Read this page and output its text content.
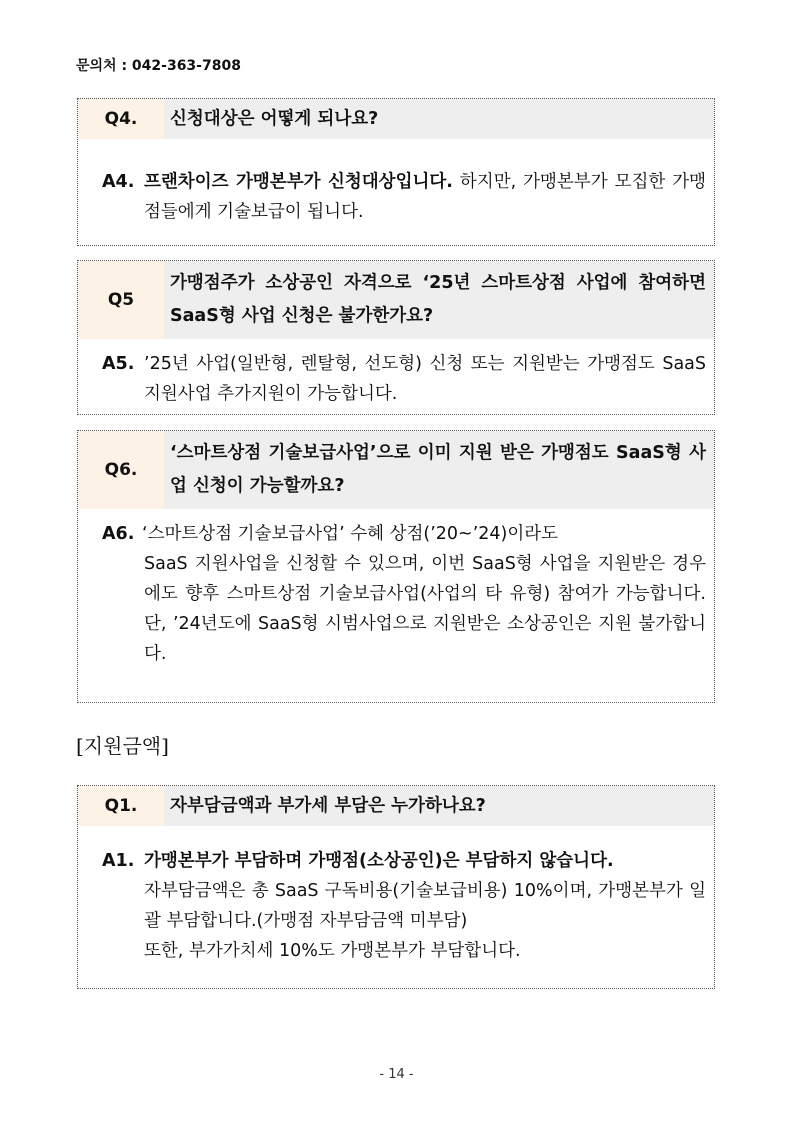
문의처 : 042-363-7808
Q4.	신청대상은 어떻게 되나요?
A4. 프랜차이즈 가맹본부가 신청대상입니다. 하지만, 가맹본부가 모집한 가맹점들에게 기술보급이 됩니다.
Q5
가맹점주가 소상공인 자격으로 ‘25년 스마트상점 사업에 참여하면 SaaS형 사업 신청은 불가한가요?
A5. ’25년 사업(일반형, 렌탈형, 선도형) 신청 또는 지원받는 가맹점도 SaaS 지원사업 추가지원이 가능합니다.
Q6.
‘스마트상점 기술보급사업’으로 이미 지원 받은 가맹점도 SaaS형 사업 신청이 가능할까요?
A6. ‘스마트상점 기술보급사업’ 수혜 상점(’20~’24)이라도
SaaS 지원사업을 신청할 수 있으며, 이번 SaaS형 사업을 지원받은 경우에도 향후 스마트상점 기술보급사업(사업의 타 유형) 참여가 가능합니다. 단, ’24년도에 SaaS형 시범사업으로 지원받은 소상공인은 지원 불가합니다.
[지원금액]
Q1.	자부담금액과 부가세 부담은 누가하나요?
A1. 가맹본부가 부담하며 가맹점(소상공인)은 부담하지 않습니다.
자부담금액은 총 SaaS 구독비용(기술보급비용) 10%이며, 가맹본부가 일괄 부담합니다.(가맹점 자부담금액 미부담)
또한, 부가가치세 10%도 가맹본부가 부담합니다.
- 14 -
